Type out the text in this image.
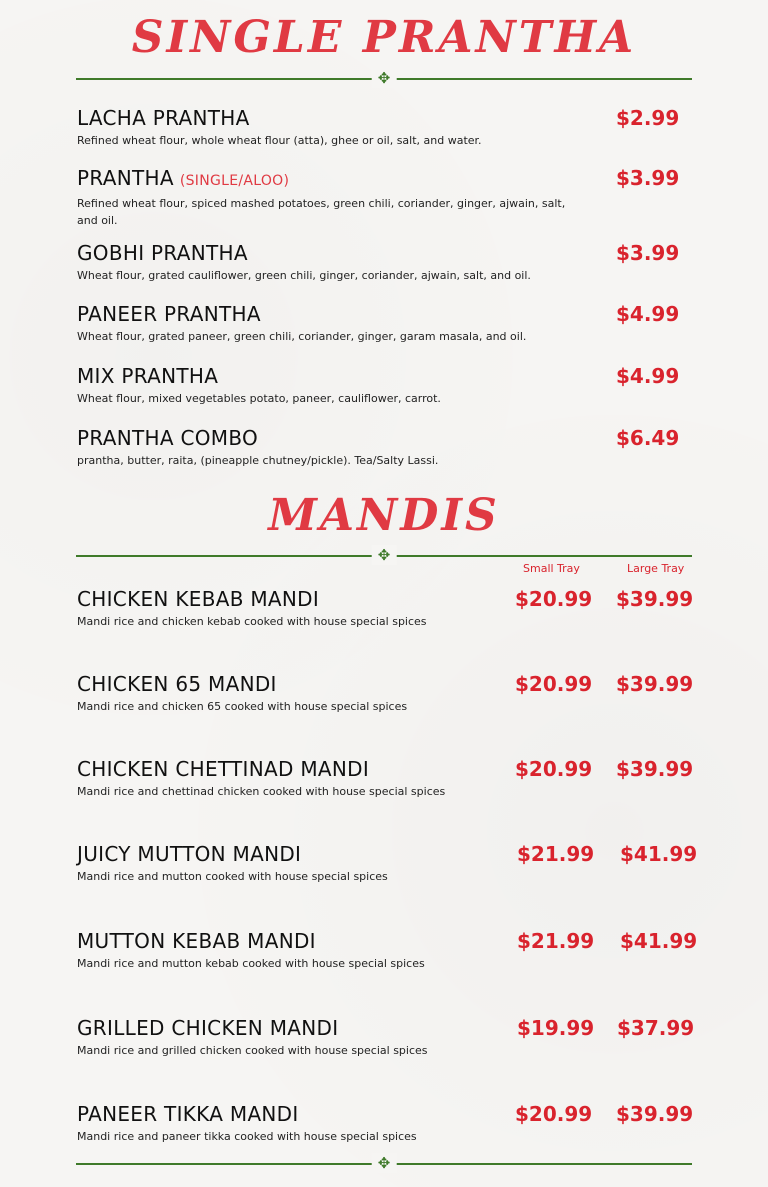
SINGLE PRANTHA
✥
LACHA PRANTHA
Refined wheat flour, whole wheat flour (atta), ghee or oil, salt, and water.
$2.99
PRANTHA (SINGLE/ALOO)
Refined wheat flour, spiced mashed potatoes, green chili, coriander, ginger, ajwain, salt, and oil.
$3.99
GOBHI PRANTHA
Wheat flour, grated cauliflower, green chili, ginger, coriander, ajwain, salt, and oil.
$3.99
PANEER PRANTHA
Wheat flour, grated paneer, green chili, coriander, ginger, garam masala, and oil.
$4.99
MIX PRANTHA
Wheat flour, mixed vegetables potato, paneer, cauliflower, carrot.
$4.99
PRANTHA COMBO
prantha, butter, raita, (pineapple chutney/pickle). Tea/Salty Lassi.
$6.49
MANDIS
✥
Small Tray	Large Tray
CHICKEN KEBAB MANDI
Mandi rice and chicken kebab cooked with house special spices
$20.99 $39.99
CHICKEN 65 MANDI
Mandi rice and chicken 65 cooked with house special spices
$20.99 $39.99
CHICKEN CHETTINAD MANDI
Mandi rice and chettinad chicken cooked with house special spices
$20.99 $39.99
JUICY MUTTON MANDI
Mandi rice and mutton cooked with house special spices
$21.99 $41.99
MUTTON KEBAB MANDI
Mandi rice and mutton kebab cooked with house special spices
$21.99 $41.99
GRILLED CHICKEN MANDI
Mandi rice and grilled chicken cooked with house special spices
$19.99 $37.99
PANEER TIKKA MANDI
Mandi rice and paneer tikka cooked with house special spices
$20.99 $39.99
✥
